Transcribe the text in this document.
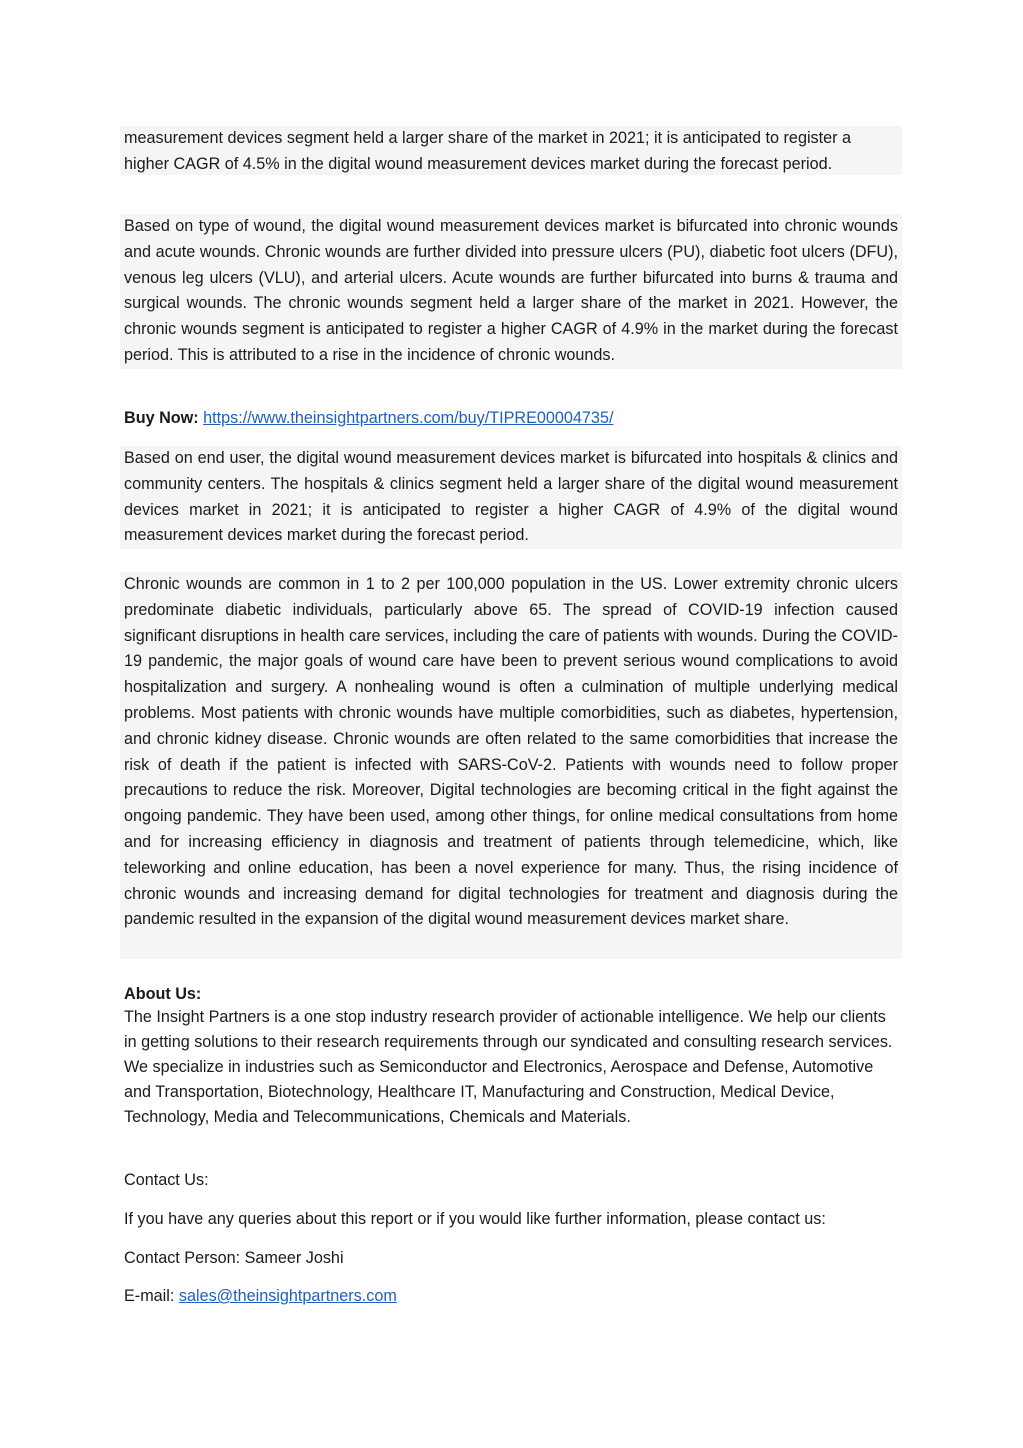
measurement devices segment held a larger share of the market in 2021; it is anticipated to register a higher CAGR of 4.5% in the digital wound measurement devices market during the forecast period.
Based on type of wound, the digital wound measurement devices market is bifurcated into chronic wounds and acute wounds. Chronic wounds are further divided into pressure ulcers (PU), diabetic foot ulcers (DFU), venous leg ulcers (VLU), and arterial ulcers. Acute wounds are further bifurcated into burns & trauma and surgical wounds. The chronic wounds segment held a larger share of the market in 2021. However, the chronic wounds segment is anticipated to register a higher CAGR of 4.9% in the market during the forecast period. This is attributed to a rise in the incidence of chronic wounds.
Buy Now: https://www.theinsightpartners.com/buy/TIPRE00004735/
Based on end user, the digital wound measurement devices market is bifurcated into hospitals & clinics and community centers. The hospitals & clinics segment held a larger share of the digital wound measurement devices market in 2021; it is anticipated to register a higher CAGR of 4.9% of the digital wound measurement devices market during the forecast period.
Chronic wounds are common in 1 to 2 per 100,000 population in the US. Lower extremity chronic ulcers predominate diabetic individuals, particularly above 65. The spread of COVID-19 infection caused significant disruptions in health care services, including the care of patients with wounds. During the COVID-19 pandemic, the major goals of wound care have been to prevent serious wound complications to avoid hospitalization and surgery. A nonhealing wound is often a culmination of multiple underlying medical problems. Most patients with chronic wounds have multiple comorbidities, such as diabetes, hypertension, and chronic kidney disease. Chronic wounds are often related to the same comorbidities that increase the risk of death if the patient is infected with SARS-CoV-2. Patients with wounds need to follow proper precautions to reduce the risk. Moreover, Digital technologies are becoming critical in the fight against the ongoing pandemic. They have been used, among other things, for online medical consultations from home and for increasing efficiency in diagnosis and treatment of patients through telemedicine, which, like teleworking and online education, has been a novel experience for many. Thus, the rising incidence of chronic wounds and increasing demand for digital technologies for treatment and diagnosis during the pandemic resulted in the expansion of the digital wound measurement devices market share.
About Us:
The Insight Partners is a one stop industry research provider of actionable intelligence. We help our clients in getting solutions to their research requirements through our syndicated and consulting research services. We specialize in industries such as Semiconductor and Electronics, Aerospace and Defense, Automotive and Transportation, Biotechnology, Healthcare IT, Manufacturing and Construction, Medical Device, Technology, Media and Telecommunications, Chemicals and Materials.
Contact Us:
If you have any queries about this report or if you would like further information, please contact us:
Contact Person: Sameer Joshi
E-mail: sales@theinsightpartners.com
